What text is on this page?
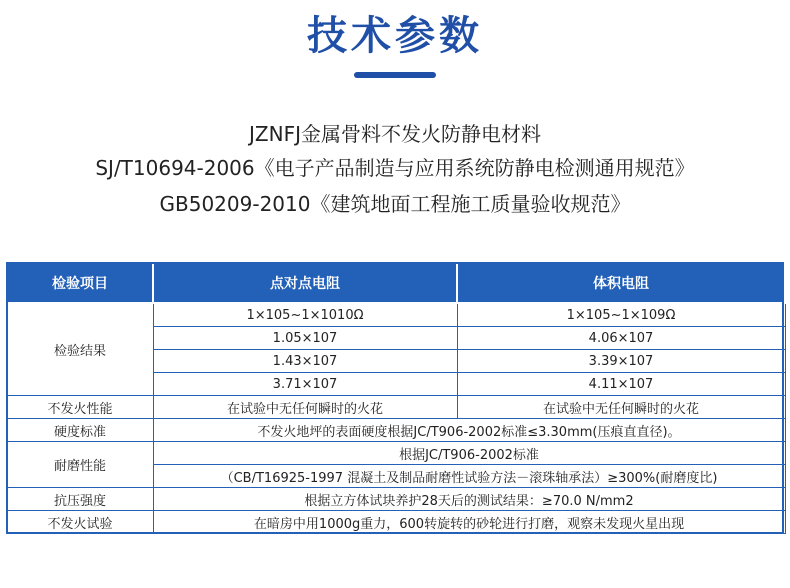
技术参数
JZNFJ金属骨料不发火防静电材料
SJ/T10694-2006《电子产品制造与应用系统防静电检测通用规范》
GB50209-2010《建筑地面工程施工质量验收规范》
检验项目	点对点电阻	体积电阻
检验结果	1×105~1×1010Ω	1×105~1×109Ω
	1.05×107	4.06×107
	1.43×107	3.39×107
	3.71×107	4.11×107
不发火性能	在试验中无任何瞬时的火花	在试验中无任何瞬时的火花
硬度标准	不发火地坪的表面硬度根据JC/T906-2002标准≤3.30mm(压痕直直径)。	
耐磨性能	根据JC/T906-2002标准	
	（CB/T16925-1997 混凝土及制品耐磨性试验方法－滚珠轴承法）≥300%(耐磨度比)	
抗压强度	根据立方体试块养护28天后的测试结果：≥70.0 N/mm2	
不发火试验	在暗房中用1000g重力，600转旋转的砂轮进行打磨，观察未发现火星出现	
